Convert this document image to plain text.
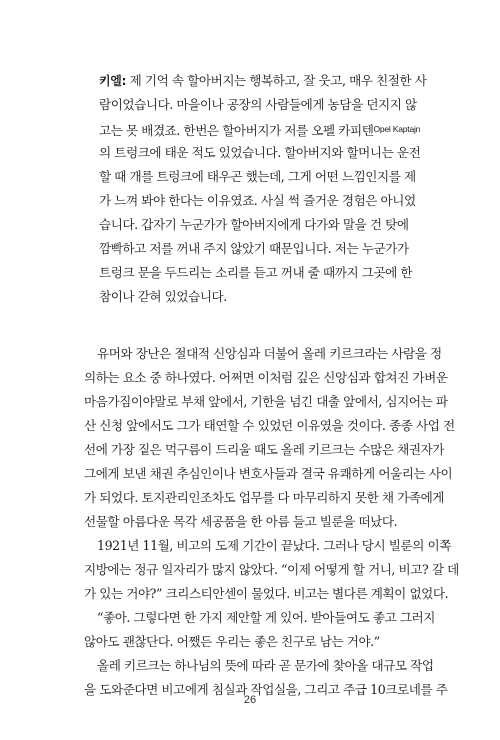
키엘: 제 기억 속 할아버지는 행복하고, 잘 웃고, 매우 친절한 사
람이었습니다. 마을이나 공장의 사람들에게 농담을 던지지 않
고는 못 배겼죠. 한번은 할아버지가 저를 오펠 카피텐$^{Opel Kaptajn}$
의 트렁크에 태운 적도 있었습니다. 할아버지와 할머니는 운전
할 때 개를 트렁크에 태우곤 했는데, 그게 어떤 느낌인지를 제
가 느껴 봐야 한다는 이유였죠. 사실 썩 즐거운 경험은 아니었
습니다. 갑자기 누군가가 할아버지에게 다가와 말을 건 탓에
깜빡하고 저를 꺼내 주지 않았기 때문입니다. 저는 누군가가
트렁크 문을 두드리는 소리를 듣고 꺼내 줄 때까지 그곳에 한
참이나 갇혀 있었습니다.
유머와 장난은 절대적 신앙심과 더불어 올레 키르크라는 사람을 정
의하는 요소 중 하나였다. 어쩌면 이처럼 깊은 신앙심과 합쳐진 가벼운
마음가짐이야말로 부채 앞에서, 기한을 넘긴 대출 앞에서, 심지어는 파
산 신청 앞에서도 그가 태연할 수 있었던 이유였을 것이다. 종종 사업 전
선에 가장 짙은 먹구름이 드리울 때도 올레 키르크는 수많은 채권자가
그에게 보낸 채권 추심인이나 변호사들과 결국 유쾌하게 어울리는 사이
가 되었다. 토지관리인조차도 업무를 다 마무리하지 못한 채 가족에게
선물할 아름다운 목각 세공품을 한 아름 들고 빌룬을 떠났다.
1921년 11월, 비고의 도제 기간이 끝났다. 그러나 당시 빌룬의 이쪽
지방에는 정규 일자리가 많지 않았다. “이제 어떻게 할 거니, 비고? 갈 데
가 있는 거야?” 크리스티안센이 물었다. 비고는 별다른 계획이 없었다.
“좋아. 그렇다면 한 가지 제안할 게 있어. 받아들여도 좋고 그러지
않아도 괜찮단다. 어쨌든 우리는 좋은 친구로 남는 거야.”
올레 키르크는 하나님의 뜻에 따라 곧 문가에 찾아올 대규모 작업
을 도와준다면 비고에게 침실과 작업실을, 그리고 주급 10크로네를 주
26
